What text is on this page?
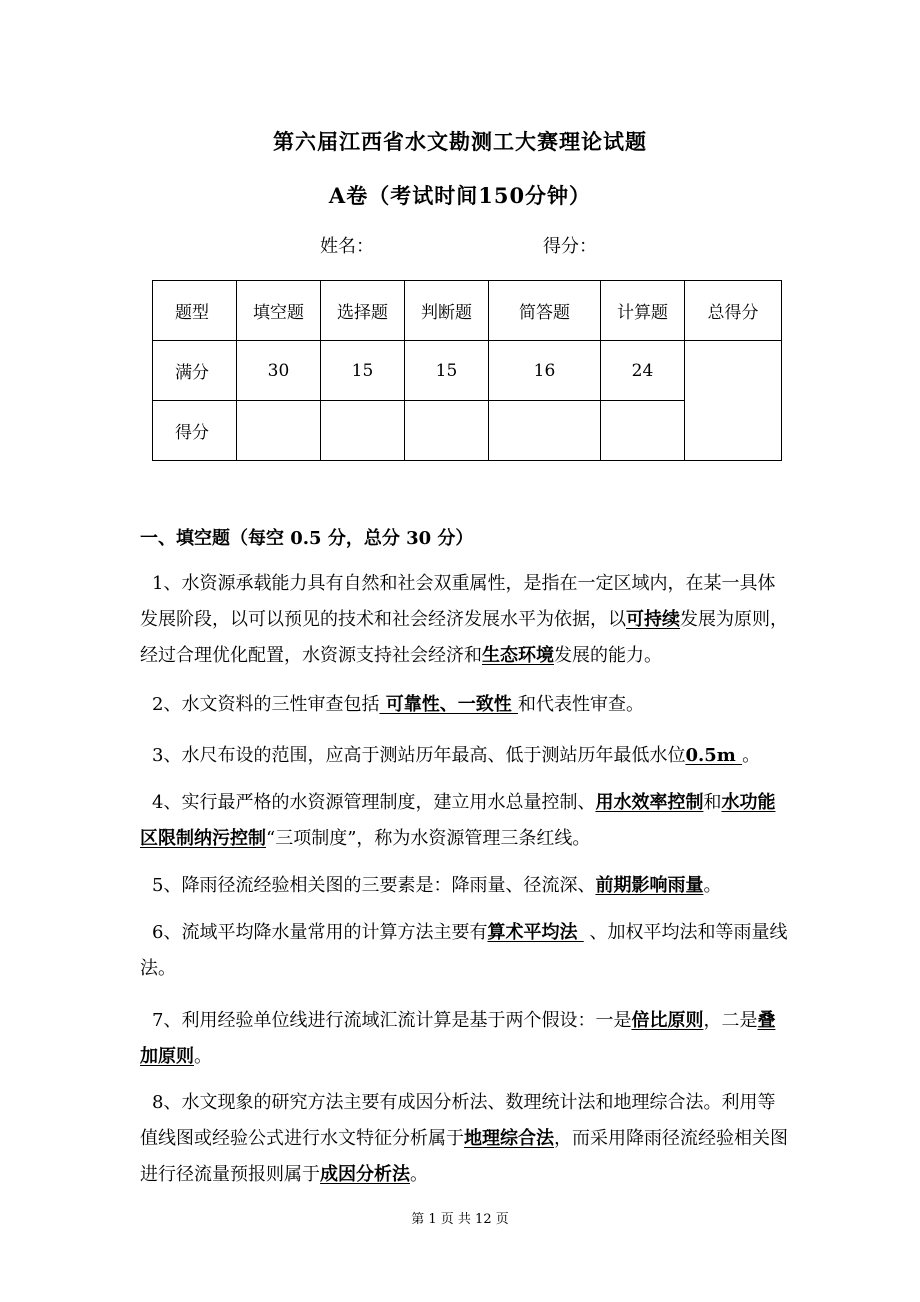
第六届江西省水文勘测工大赛理论试题
A卷（考试时间150分钟）
姓名：	得分：
题型	填空题	选择题	判断题	简答题	计算题	总得分
满分	30	15	15	16	24	
得分						
一、填空题（每空 0.5 分，总分 30 分）
1、水资源承载能力具有自然和社会双重属性，是指在一定区域内，在某一具体发展阶段，以可以预见的技术和社会经济发展水平为依据，以可持续发展为原则，经过合理优化配置，水资源支持社会经济和生态环境发展的能力。
2、水文资料的三性审查包括 可靠性、一致性 和代表性审查。
3、水尺布设的范围，应高于测站历年最高、低于测站历年最低水位0.5m 。
4、实行最严格的水资源管理制度，建立用水总量控制、用水效率控制和水功能区限制纳污控制“三项制度”，称为水资源管理三条红线。
5、降雨径流经验相关图的三要素是：降雨量、径流深、前期影响雨量。
6、流域平均降水量常用的计算方法主要有算术平均法  、加权平均法和等雨量线法。
7、利用经验单位线进行流域汇流计算是基于两个假设：一是倍比原则，二是叠加原则。
8、水文现象的研究方法主要有成因分析法、数理统计法和地理综合法。利用等值线图或经验公式进行水文特征分析属于地理综合法，而采用降雨径流经验相关图进行径流量预报则属于成因分析法。
第 1 页 共 12 页
